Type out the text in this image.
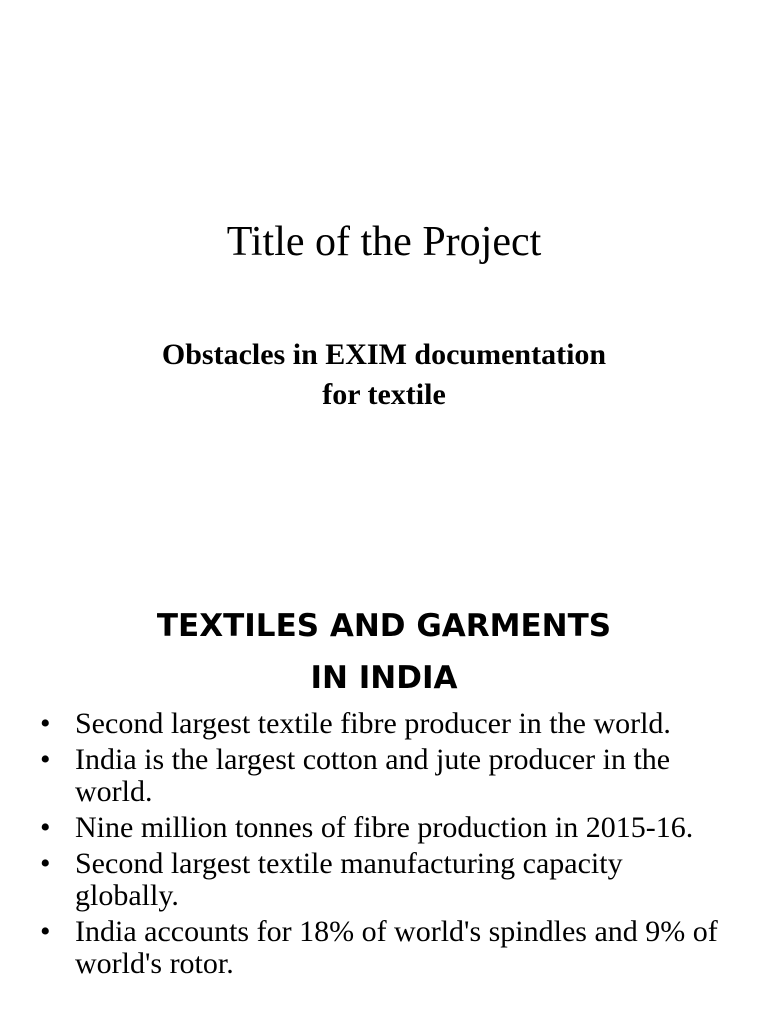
Title of the Project
Obstacles in EXIM documentation
for textile
TEXTILES AND GARMENTS
IN INDIA
• Second largest textile fibre producer in the world.
• India is the largest cotton and jute producer in the world.
• Nine million tonnes of fibre production in 2015-16.
• Second largest textile manufacturing capacity globally.
• India accounts for 18% of world's spindles and 9% of world's rotor.
